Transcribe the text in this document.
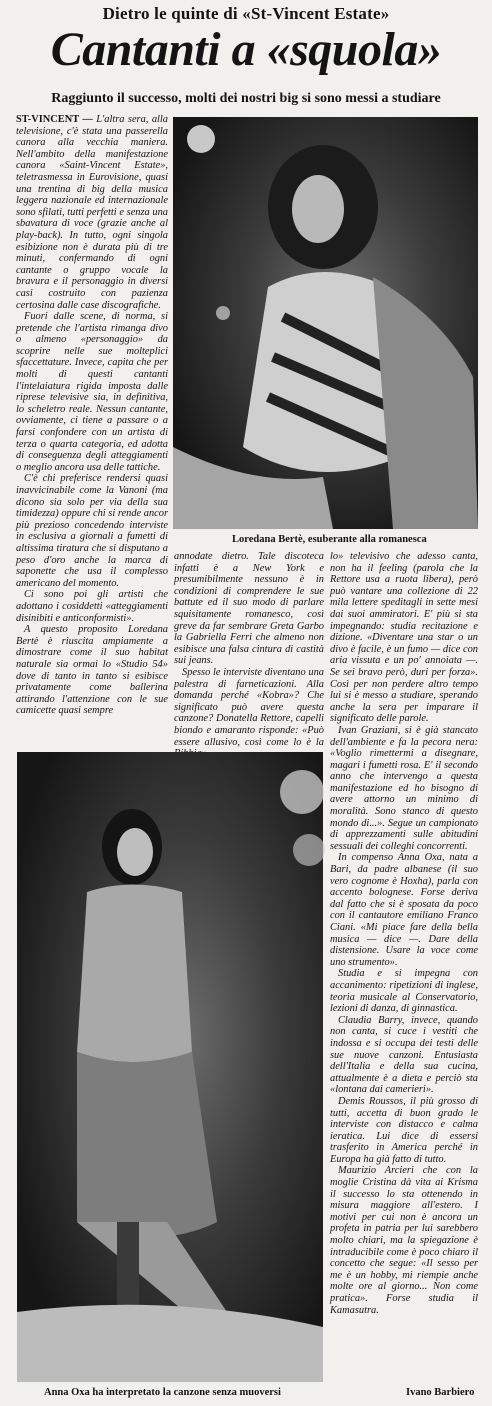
Dietro le quinte di «St-Vincent Estate»
Cantanti a «squola»
Raggiunto il successo, molti dei nostri big si sono messi a studiare

ST-VINCENT — L'altra sera, alla televisione, c'è stata una passerella canora alla vecchia maniera. Nell'ambito della manifestazione canora «Saint-Vincent Estate», teletrasmessa in Eurovisione, quasi una trentina di big della musica leggera nazionale ed internazionale sono sfilati, tutti perfetti e senza una sbavatura di voce (grazie anche al play-back). In tutto, ogni singola esibizione non è durata più di tre minuti, confermando di ogni cantante o gruppo vocale la bravura e il personaggio in diversi casi costruito con pazienza certosina dalle case discografiche.

Fuori dalle scene, di norma, si pretende che l'artista rimanga divo o almeno «personaggio» da scoprire nelle sue molteplici sfaccettature. Invece, capita che per molti di questi cantanti l'intelaiatura rigida imposta dalle riprese televisive sia, in definitiva, lo scheletro reale. Nessun cantante, ovviamente, ci tiene a passare o a farsi confondere con un artista di terza o quarta categoria, ed adotta di conseguenza degli atteggiamenti o meglio ancora usa delle tattiche.

C'è chi preferisce rendersi quasi inavvicinabile come la Vanoni (ma dicono sia solo per via della sua timidezza) oppure chi si rende ancor più prezioso concedendo interviste in esclusiva a giornali a fumetti di altissima tiratura che si disputano a peso d'oro anche la marca di saponette che usa il complesso americano del momento.

Ci sono poi gli artisti che adottano i cosiddetti «atteggiamenti disinibiti e anticonformisti».

A questo proposito Loredana Bertè è riuscita ampiamente a dimostrare come il suo habitat naturale sia ormai lo «Studio 54» dove di tanto in tanto si esibisce privatamente come ballerina attirando l'attenzione con le sue camicette quasi sempre

Loredana Bertè, esuberante alla romanesca

annodate dietro. Tale discoteca infatti è a New York e presumibilmente nessuno è in condizioni di comprendere le sue battute ed il suo modo di parlare squisitamente romanesco, così greve da far sembrare Greta Garbo la Gabriella Ferri che almeno non esibisce una falsa cintura di castità sui jeans.

Spesso le interviste diventano una palestra di farneticazioni. Alla domanda perché «Kobra»? Che significato può avere questa canzone? Donatella Rettore, capelli biondo e amaranto risponde: «Può essere allusivo, così come lo è la

lo» televisivo che adesso canta, non ha il feeling (parola che la Rettore usa a ruota libera), però può vantare una collezione di 22 mila lettere speditagli in sette mesi dai suoi ammiratori. E' più si sta impegnando: studia recitazione e dizione. «Diventare una star o un divo è facile, è un fumo — dice con aria vissuta e un po' annoiata —. Se sei bravo però, duri per forza». Così per non perdere altro tempo lui si è messo a studiare, sperando anche la sera per imparare il significato delle parole.

Ivan Graziani, si è già stancato dell'ambiente e fa la pecora nera: «Voglio rimettermi a disegnare, magari i fumetti rosa. E' il secondo anno che intervengo a questa manifestazione ed ho bisogno di avere attorno un minimo di moralità. Sono stanco di questo mondo di...». Segue un campionato di apprezzamenti sulle abitudini sessuali dei colleghi concorrenti.

In compenso Anna Oxa, nata a Bari, da padre albanese (il suo vero cognome è Hoxha), parla con accento bolognese. Forse deriva dal fatto che si è sposata da poco con il cantautore emiliano Franco Ciani. «Mi piace fare della bella musica — dice —. Dare della distensione. Usare la voce come uno strumento».

Studia e si impegna con accanimento: ripetizioni di inglese, teoria musicale al Conservatorio, lezioni di danza, di ginnastica.

Claudia Barry, invece, quando non canta, si cuce i vestiti che indossa e si occupa dei testi delle sue nuove canzoni. Entusiasta dell'Italia e della sua cucina, attualmente è a dieta e perciò sta «lontana dai camerieri».

Demis Roussos, il più grosso di tutti, accetta di buon grado le interviste con distacco e calma ieratica. Lui dice di essersi trasferito in America perché in Europa ha già fatto di tutto.

Maurizio Arcieri che con la moglie Cristina dà vita ai Krisma il successo lo sta ottenendo in misura maggiore all'estero. I motivi per cui non è ancora un profeta in patria per lui sarebbero molto chiari, ma la spiegazione è intraducibile come è poco chiaro il concetto che segue: «Il sesso per me è un hobby, mi riempie anche molte ore al giorno... Non come pratica». Forse studia il Kamasutra.

Anna Oxa ha interpretato la canzone senza muoversi	Ivano Barbiero
